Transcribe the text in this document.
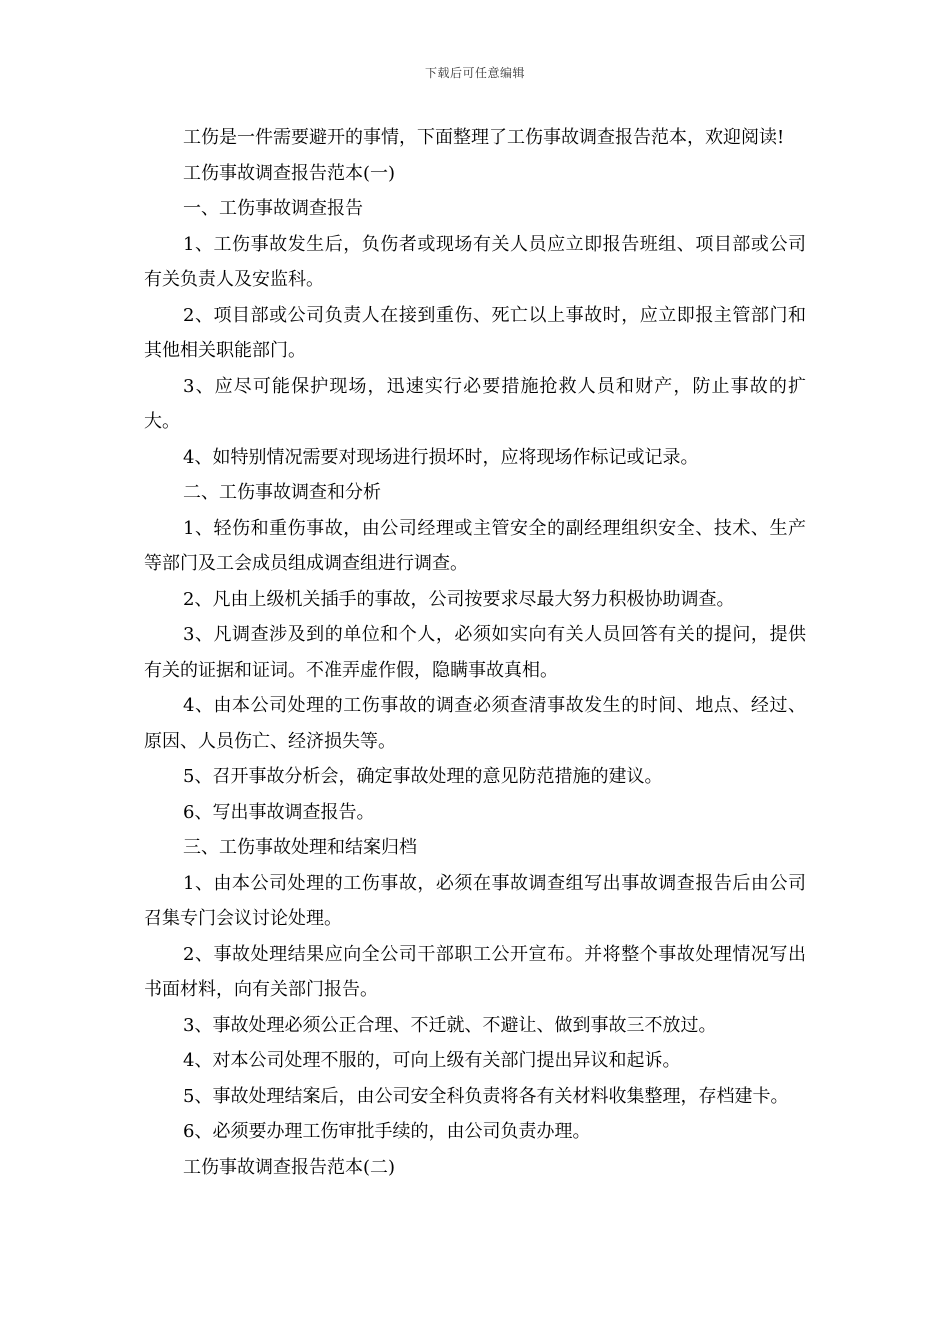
下载后可任意编辑

工伤是一件需要避开的事情，下面整理了工伤事故调查报告范本，欢迎阅读!

工伤事故调查报告范本(一)

一、工伤事故调查报告

1、工伤事故发生后，负伤者或现场有关人员应立即报告班组、项目部或公司有关负责人及安监科。

2、项目部或公司负责人在接到重伤、死亡以上事故时，应立即报主管部门和其他相关职能部门。

3、应尽可能保护现场，迅速实行必要措施抢救人员和财产，防止事故的扩大。

4、如特别情况需要对现场进行损坏时，应将现场作标记或记录。

二、工伤事故调查和分析

1、轻伤和重伤事故，由公司经理或主管安全的副经理组织安全、技术、生产等部门及工会成员组成调查组进行调查。

2、凡由上级机关插手的事故，公司按要求尽最大努力积极协助调查。

3、凡调查涉及到的单位和个人，必须如实向有关人员回答有关的提问，提供有关的证据和证词。不准弄虚作假，隐瞒事故真相。

4、由本公司处理的工伤事故的调查必须查清事故发生的时间、地点、经过、原因、人员伤亡、经济损失等。

5、召开事故分析会，确定事故处理的意见防范措施的建议。

6、写出事故调查报告。

三、工伤事故处理和结案归档

1、由本公司处理的工伤事故，必须在事故调查组写出事故调查报告后由公司召集专门会议讨论处理。

2、事故处理结果应向全公司干部职工公开宣布。并将整个事故处理情况写出书面材料，向有关部门报告。

3、事故处理必须公正合理、不迁就、不避让、做到事故三不放过。

4、对本公司处理不服的，可向上级有关部门提出异议和起诉。

5、事故处理结案后，由公司安全科负责将各有关材料收集整理，存档建卡。

6、必须要办理工伤审批手续的，由公司负责办理。

工伤事故调查报告范本(二)
